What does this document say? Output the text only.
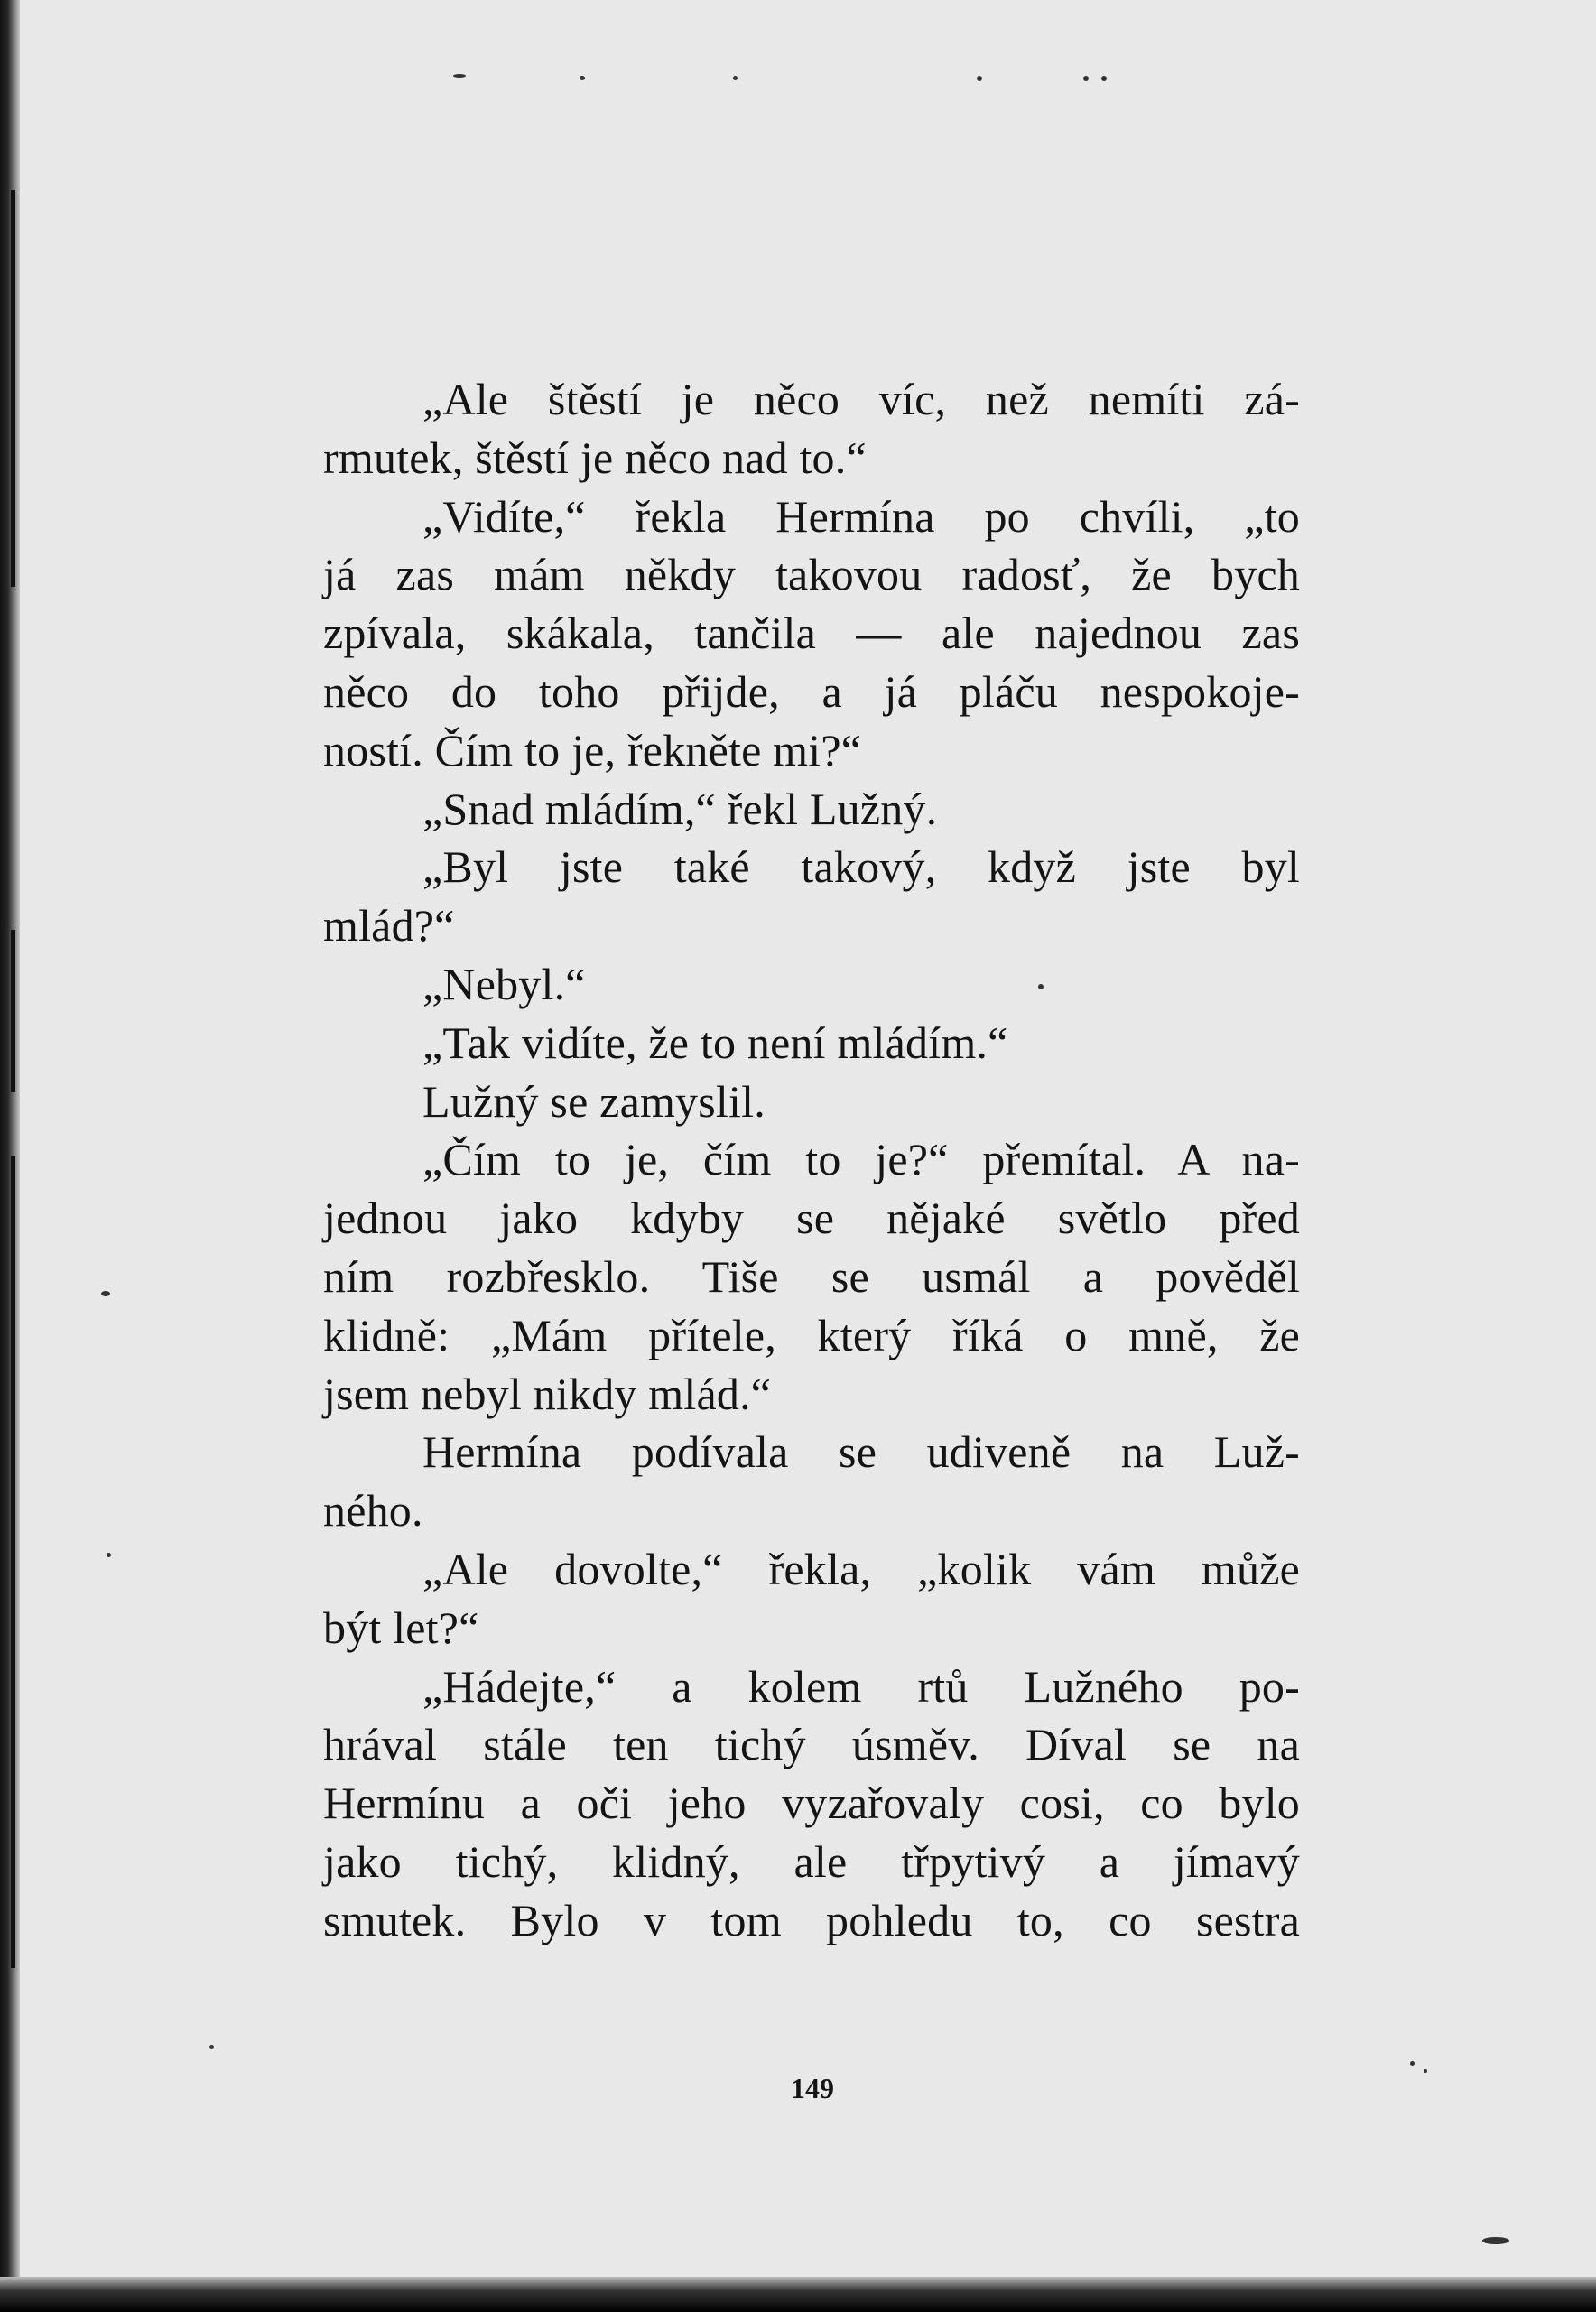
„Ale štěstí je něco víc, než nemíti zá-
rmutek, štěstí je něco nad to.“
„Vidíte,“ řekla Hermína po chvíli, „to
já zas mám někdy takovou radosť, že bych
zpívala, skákala, tančila — ale najednou zas
něco do toho přijde, a já pláču nespokoje-
ností. Čím to je, řekněte mi?“
„Snad mládím,“ řekl Lužný.
„Byl jste také takový, když jste byl
mlád?“
„Nebyl.“
„Tak vidíte, že to není mládím.“
Lužný se zamyslil.
„Čím to je, čím to je?“ přemítal. A na-
jednou jako kdyby se nějaké světlo před
ním rozbřesklo. Tiše se usmál a pověděl
klidně: „Mám přítele, který říká o mně, že
jsem nebyl nikdy mlád.“
Hermína podívala se udiveně na Luž-
ného.
„Ale dovolte,“ řekla, „kolik vám může
být let?“
„Hádejte,“ a kolem rtů Lužného po-
hrával stále ten tichý úsměv. Díval se na
Hermínu a oči jeho vyzařovaly cosi, co bylo
jako tichý, klidný, ale třpytivý a jímavý
smutek. Bylo v tom pohledu to, co sestra
149
